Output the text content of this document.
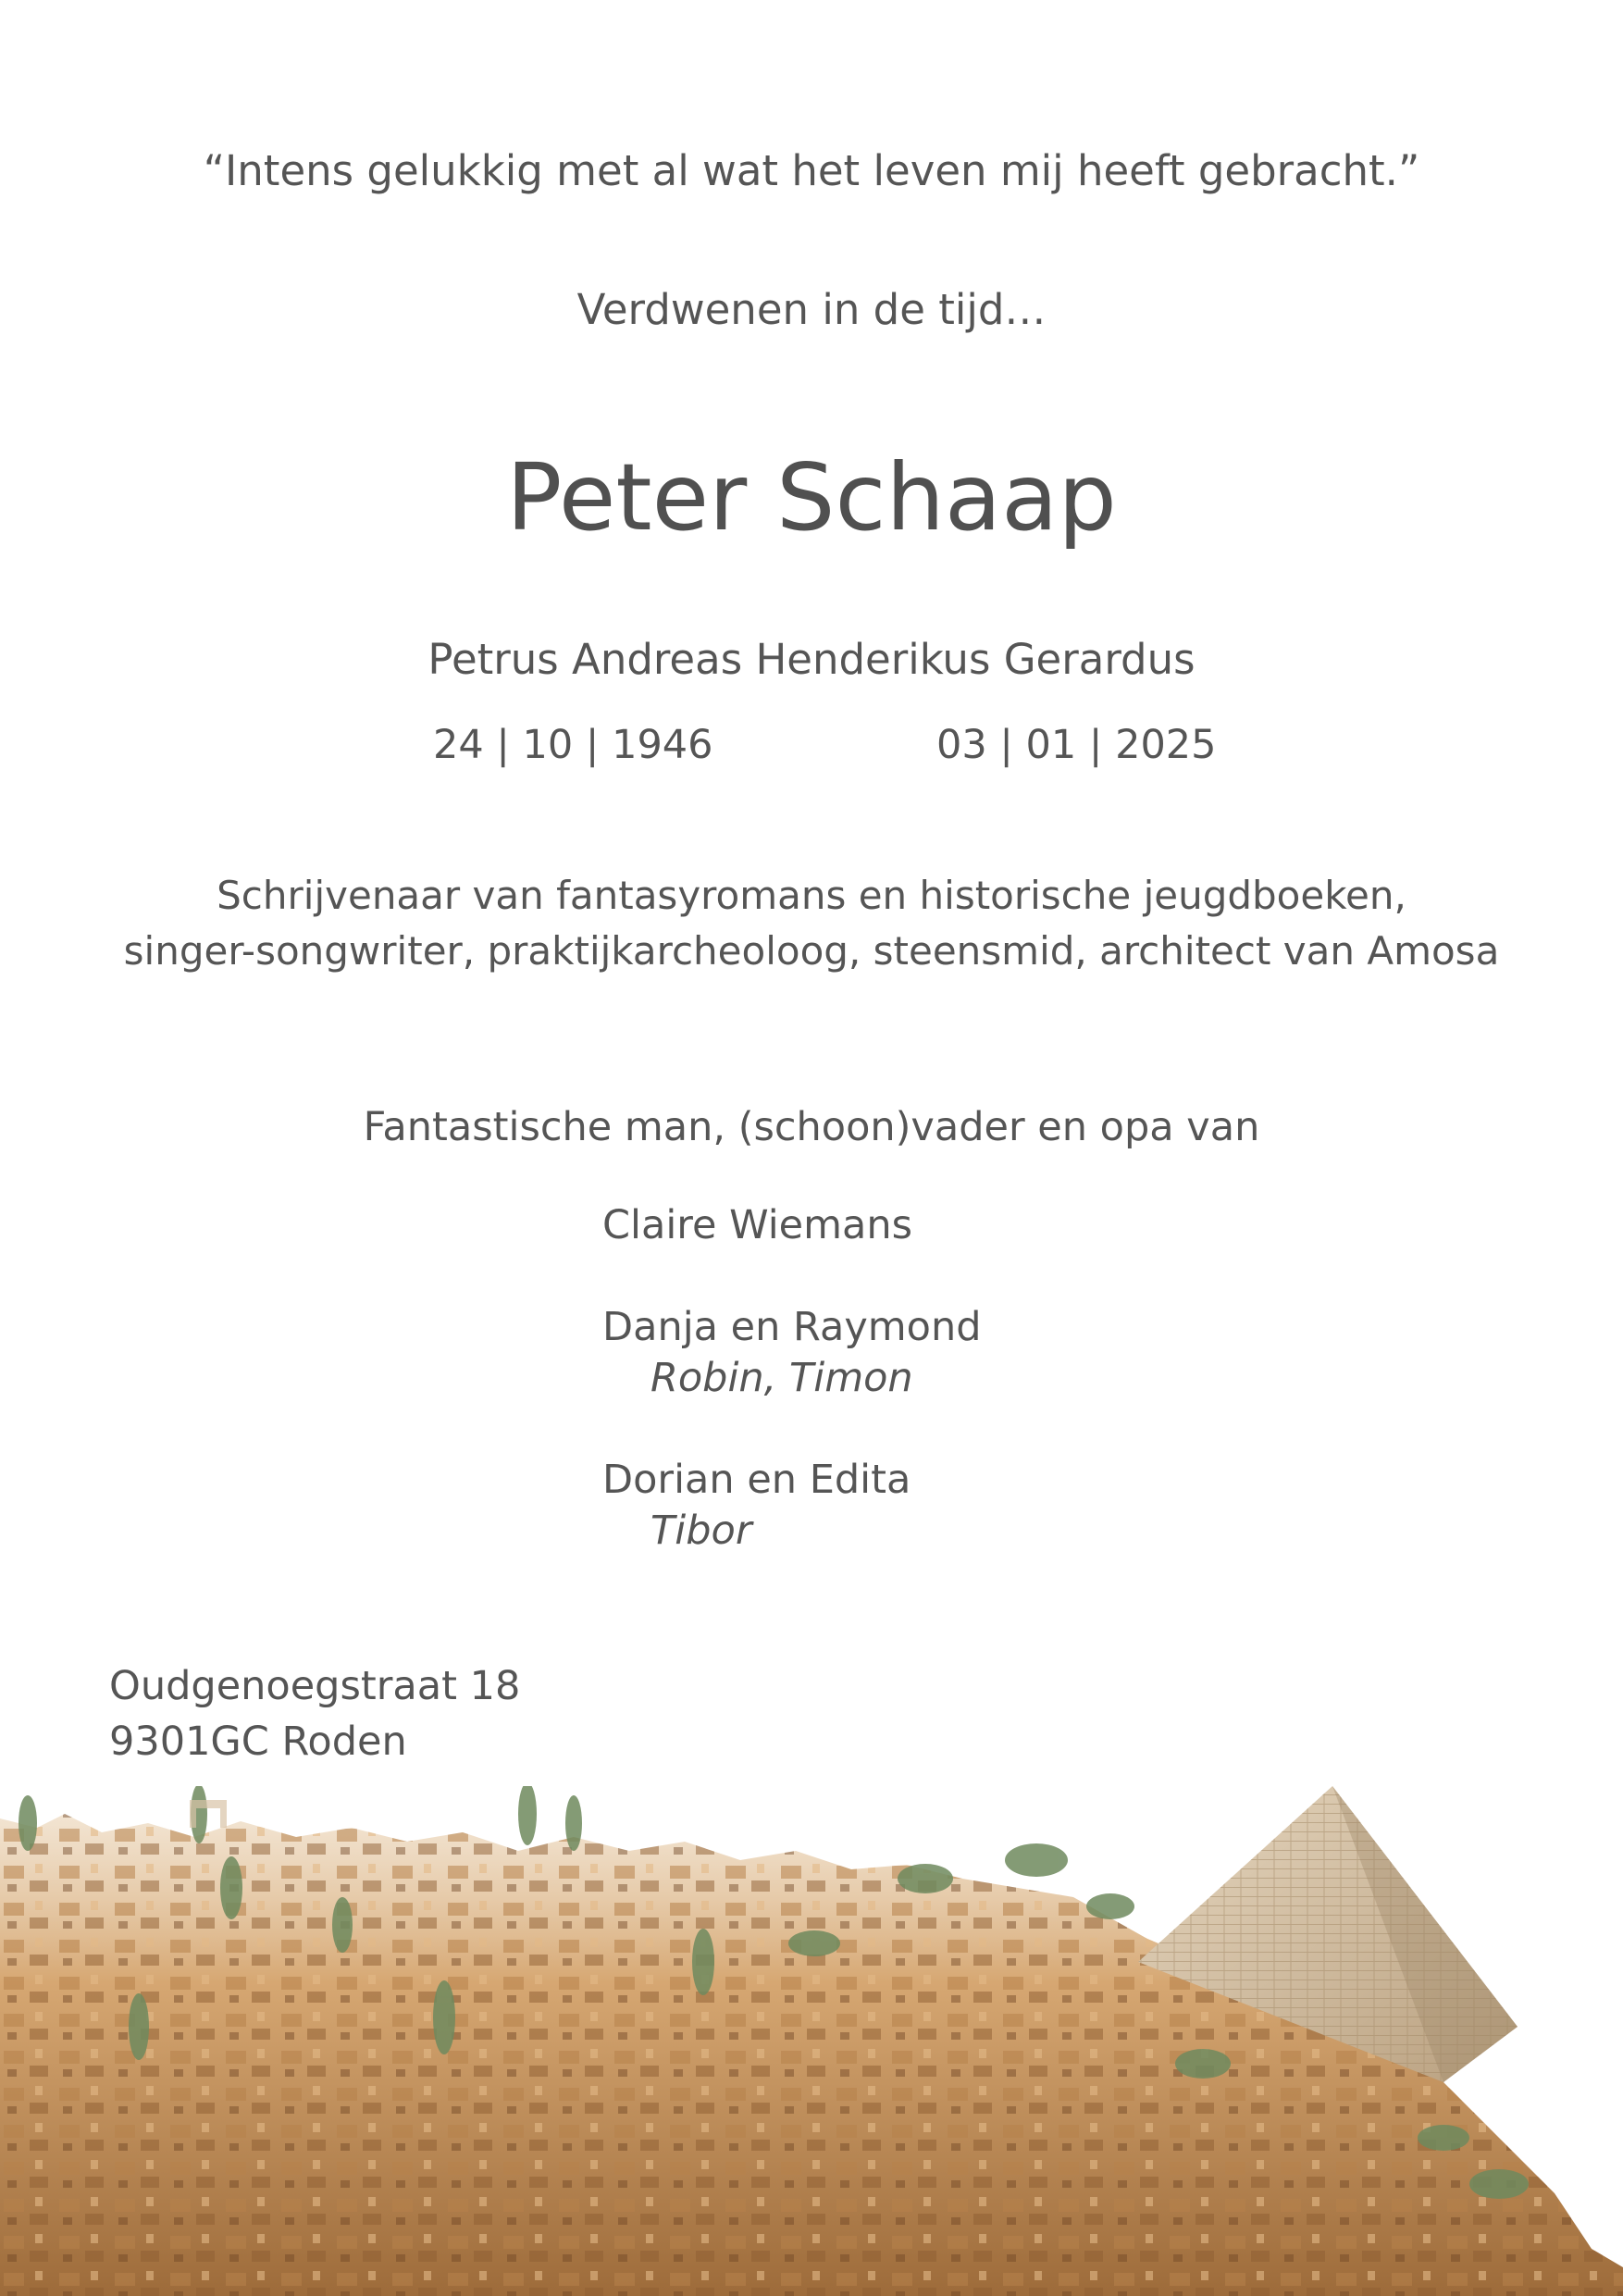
“Intens gelukkig met al wat het leven mij heeft gebracht.”
Verdwenen in de tijd…
Peter Schaap
Petrus Andreas Henderikus Gerardus
24 | 10 | 1946	03 | 01 | 2025
Schrijvenaar van fantasyromans en historische jeugdboeken,
singer-songwriter, praktijkarcheoloog, steensmid, architect van Amosa
Fantastische man, (schoon)vader en opa van
Claire Wiemans
Danja en Raymond
Robin, Timon
Dorian en Edita
Tibor
Oudgenoegstraat 18
9301GC Roden
